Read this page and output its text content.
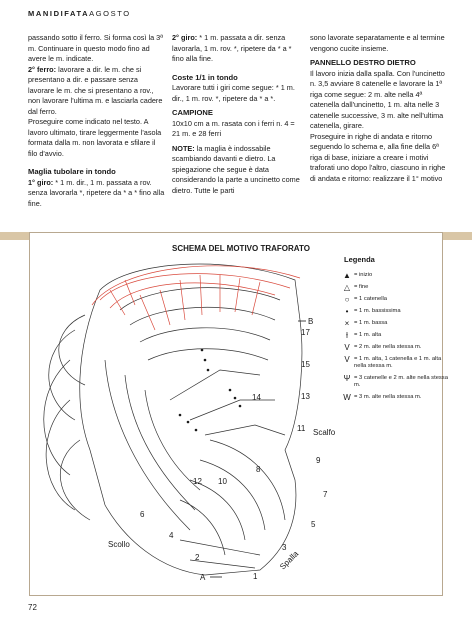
MANIDIFATAAGOSTO

passando sotto il ferro. Si forma così la 3ª m. Continuare in questo modo fino ad avere le m. indicate.

2° ferro: lavorare a dir. le m. che si presentano a dir. e passare senza lavorare le m. che si presentano a rov., non lavorare l'ultima m. e lasciarla cadere dal ferro.

Proseguire come indicato nel testo. A lavoro ultimato, tirare leggermente l'asola formata dalla m. non lavorata e sfilare il filo d'avvio.

Maglia tubolare in tondo

1° giro: * 1 m. dir., 1 m. passata a rov. senza lavorarla *, ripetere da * a * fino alla fine.

2° giro: * 1 m. passata a dir. senza lavorarla, 1 m. rov. *, ripetere da * a * fino alla fine.

Coste 1/1 in tondo

Lavorare tutti i giri come segue: * 1 m. dir., 1 m. rov. *, ripetere da * a *.

CAMPIONE

10x10 cm a m. rasata con i ferri n. 4 = 21 m. e 28 ferri

NOTE: la maglia è indossabile scambiando davanti e dietro. La spiegazione che segue è data considerando la parte a uncinetto come dietro. Tutte le parti

sono lavorate separatamente e al termine vengono cucite insieme.

PANNELLO DESTRO DIETRO

Il lavoro inizia dalla spalla. Con l'uncinetto n. 3,5 avviare 8 catenelle e lavorare la 1ª riga come segue: 2 m. alte nella 4ª catenella dall'uncinetto, 1 m. alta nelle 3 catenelle successive, 3 m. alte nell'ultima catenella, girare.

Proseguire in righe di andata e ritorno seguendo lo schema e, alla fine della 6ª riga di base, iniziare a creare i motivi traforati uno dopo l'altro, ciascuno in righe di andata e ritorno: realizzare il 1° motivo

SCHEMA DEL MOTIVO TRAFORATO
1
2
3
4
5
6
7
8
9
10
11
12
13
14
15
17
Scollo
Scalfo
Spalla
A
B
Legenda
▲ = inizio
△ = fine
○ = 1 catenella
• = 1 m. bassissima
× = 1 m. bassa
ƚ	= 1 m. alta
V = 2 m. alte nella stessa m.
V = 1 m. alta, 1 catenella e 1 m. alta nella stessa m.
Ψ = 3 catenelle e 2 m. alte nella stessa m.
W = 3 m. alte nella stessa m.
72
